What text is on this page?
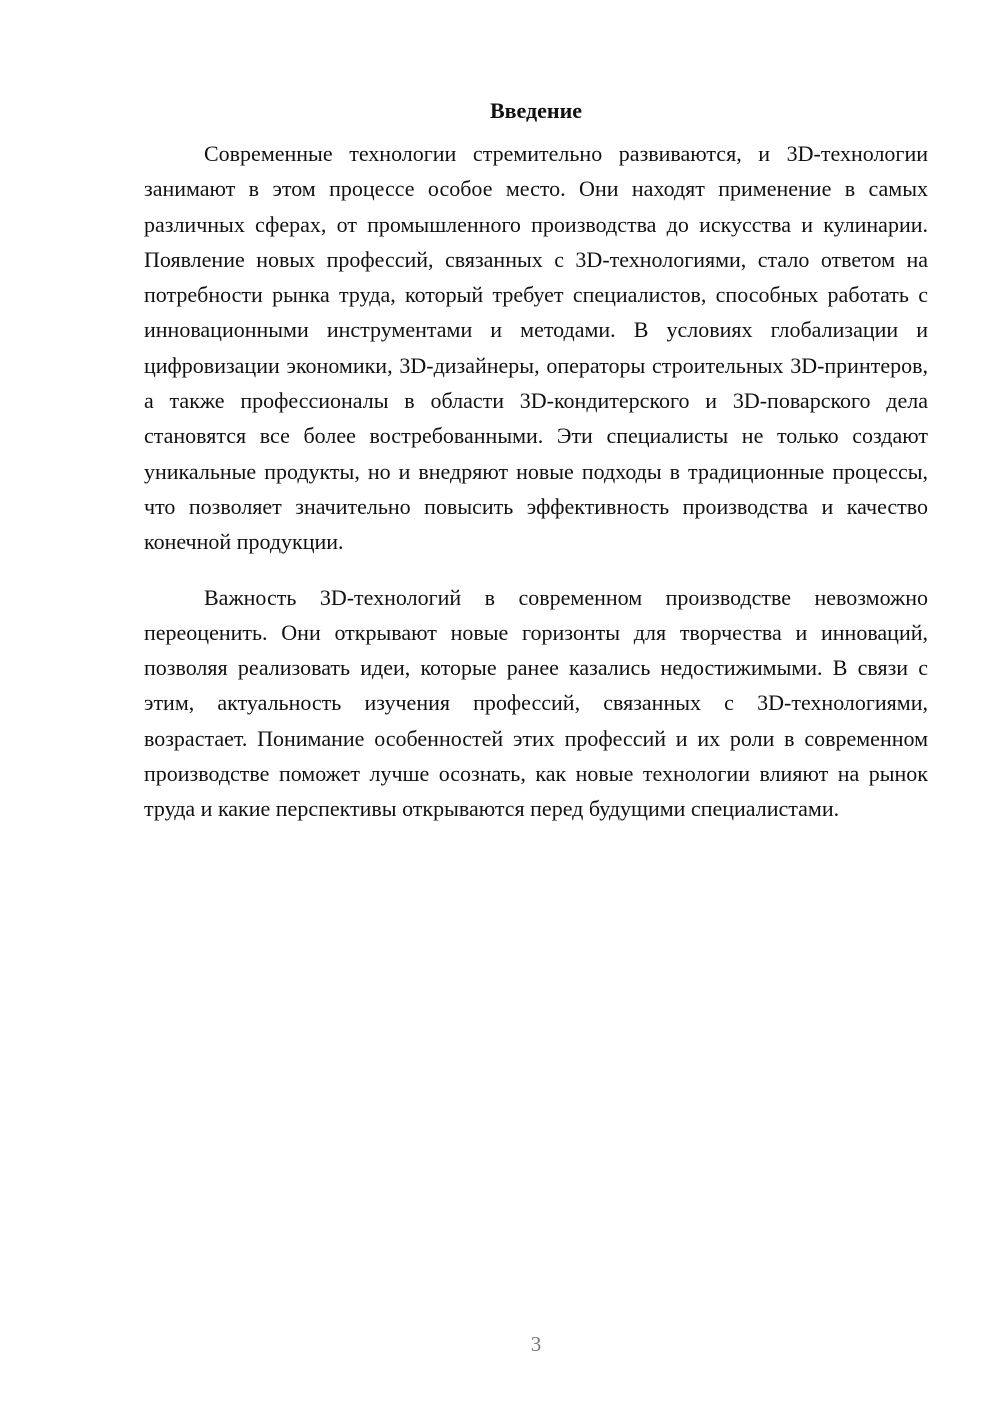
Введение

Современные технологии стремительно развиваются, и 3D-технологии занимают в этом процессе особое место. Они находят применение в самых различных сферах, от промышленного производства до искусства и кулинарии. Появление новых профессий, связанных с 3D-технологиями, стало ответом на потребности рынка труда, который требует специалистов, способных работать с инновационными инструментами и методами. В условиях глобализации и цифровизации экономики, 3D-дизайнеры, операторы строительных 3D-принтеров, а также профессионалы в области 3D-кондитерского и 3D-поварского дела становятся все более востребованными. Эти специалисты не только создают уникальные продукты, но и внедряют новые подходы в традиционные процессы, что позволяет значительно повысить эффективность производства и качество конечной продукции.

Важность 3D-технологий в современном производстве невозможно переоценить. Они открывают новые горизонты для творчества и инноваций, позволяя реализовать идеи, которые ранее казались недостижимыми. В связи с этим, актуальность изучения профессий, связанных с 3D-технологиями, возрастает. Понимание особенностей этих профессий и их роли в современном производстве поможет лучше осознать, как новые технологии влияют на рынок труда и какие перспективы открываются перед будущими специалистами.

3
